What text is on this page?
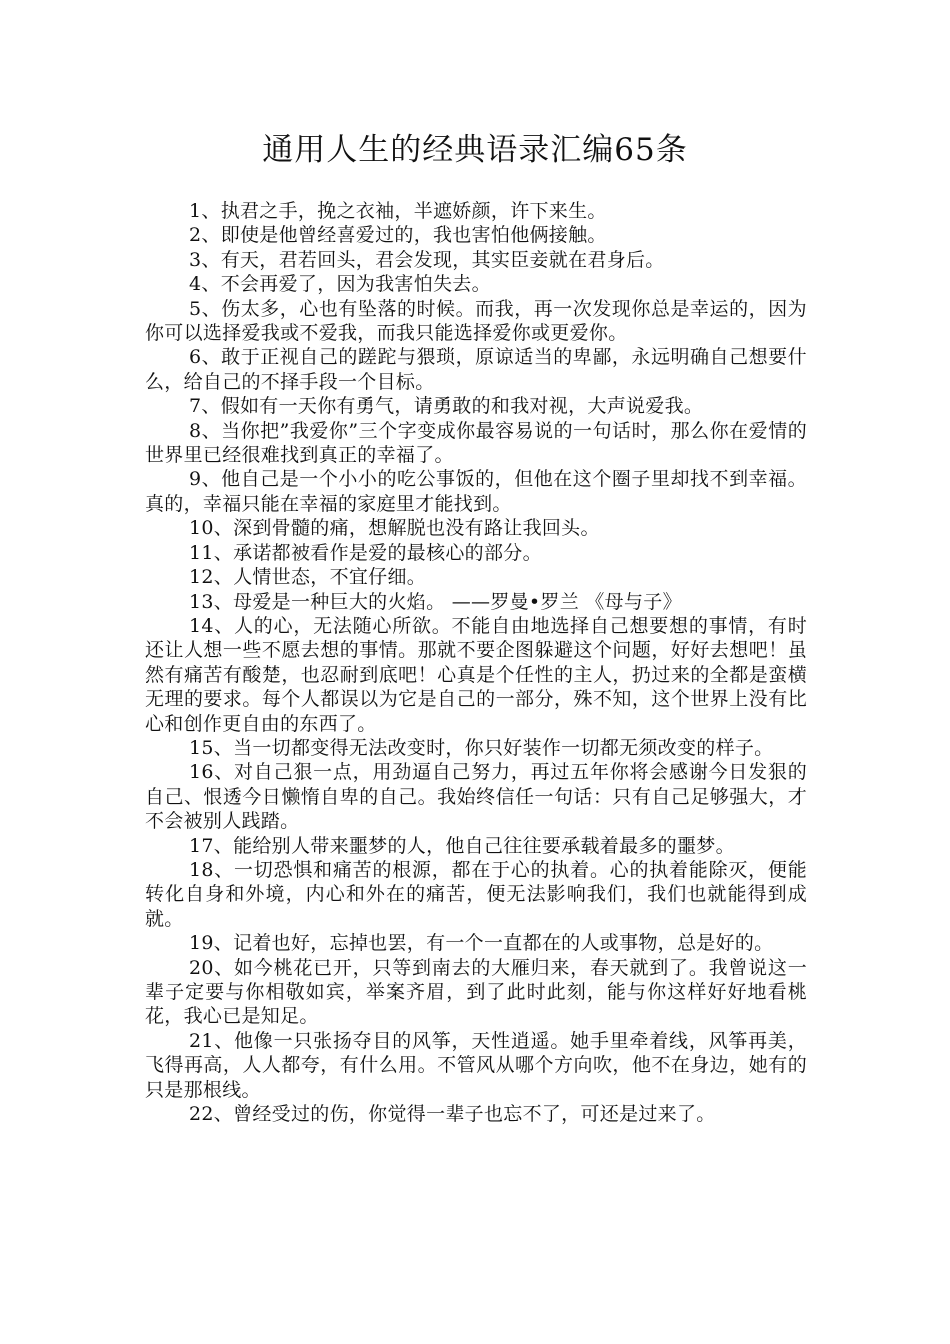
通用人生的经典语录汇编65条

1、执君之手，挽之衣袖，半遮娇颜，许下来生。

2、即使是他曾经喜爱过的，我也害怕他俩接触。

3、有天，君若回头，君会发现，其实臣妾就在君身后。

4、不会再爱了，因为我害怕失去。

5、伤太多，心也有坠落的时候。而我，再一次发现你总是幸运的，因为你可以选择爱我或不爱我，而我只能选择爱你或更爱你。

6、敢于正视自己的蹉跎与猥琐，原谅适当的卑鄙，永远明确自己想要什么，给自己的不择手段一个目标。

7、假如有一天你有勇气，请勇敢的和我对视，大声说爱我。

8、当你把”我爱你”三个字变成你最容易说的一句话时，那么你在爱情的世界里已经很难找到真正的幸福了。

9、他自己是一个小小的吃公事饭的，但他在这个圈子里却找不到幸福。真的，幸福只能在幸福的家庭里才能找到。

10、深到骨髓的痛，想解脱也没有路让我回头。

11、承诺都被看作是爱的最核心的部分。

12、人情世态，不宜仔细。

13、母爱是一种巨大的火焰。 ——罗曼•罗兰 《母与子》

14、人的心，无法随心所欲。不能自由地选择自己想要想的事情，有时还让人想一些不愿去想的事情。那就不要企图躲避这个问题，好好去想吧！虽然有痛苦有酸楚，也忍耐到底吧！心真是个任性的主人，扔过来的全都是蛮横无理的要求。每个人都误以为它是自己的一部分，殊不知，这个世界上没有比心和创作更自由的东西了。

15、当一切都变得无法改变时，你只好装作一切都无须改变的样子。

16、对自己狠一点，用劲逼自己努力，再过五年你将会感谢今日发狠的自己、恨透今日懒惰自卑的自己。我始终信任一句话：只有自己足够强大，才不会被别人践踏。

17、能给别人带来噩梦的人，他自己往往要承载着最多的噩梦。

18、一切恐惧和痛苦的根源，都在于心的执着。心的执着能除灭，便能转化自身和外境，内心和外在的痛苦，便无法影响我们，我们也就能得到成就。

19、记着也好，忘掉也罢，有一个一直都在的人或事物，总是好的。

20、如今桃花已开，只等到南去的大雁归来，春天就到了。我曾说这一辈子定要与你相敬如宾，举案齐眉，到了此时此刻，能与你这样好好地看桃花，我心已是知足。

21、他像一只张扬夺目的风筝，天性逍遥。她手里牵着线，风筝再美，飞得再高，人人都夸，有什么用。不管风从哪个方向吹，他不在身边，她有的只是那根线。

22、曾经受过的伤，你觉得一辈子也忘不了，可还是过来了。
